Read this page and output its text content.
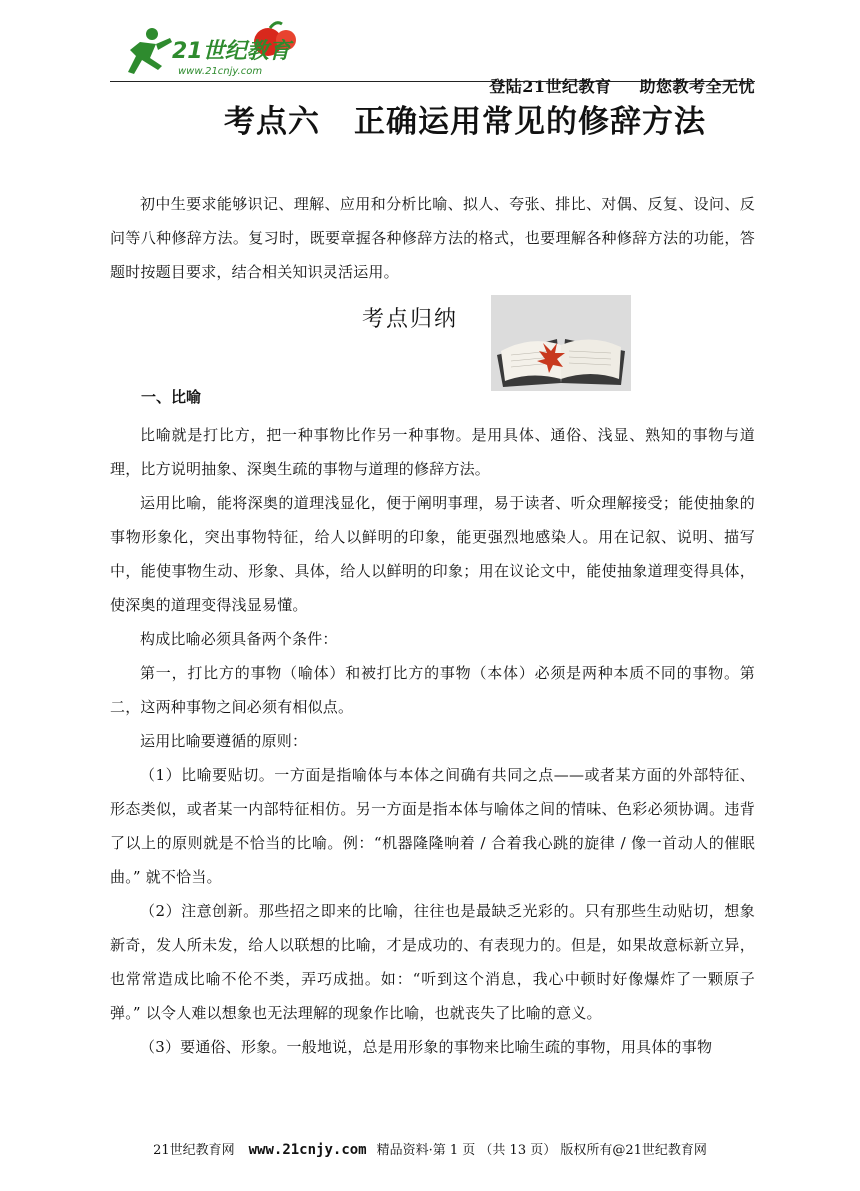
21世纪教育
www.21cnjy.com
登陆21世纪教育 助您教考全无忧
考点六 正确运用常见的修辞方法

初中生要求能够识记、理解、应用和分析比喻、拟人、夸张、排比、对偶、反复、设问、反问等八种修辞方法。复习时，既要章握各种修辞方法的格式，也要理解各种修辞方法的功能，答题时按题目要求，结合相关知识灵活运用。

考点归纳
一、比喻

比喻就是打比方，把一种事物比作另一种事物。是用具体、通俗、浅显、熟知的事物与道理，比方说明抽象、深奥生疏的事物与道理的修辞方法。

运用比喻，能将深奥的道理浅显化，便于阐明事理，易于读者、听众理解接受；能使抽象的事物形象化，突出事物特征，给人以鲜明的印象，能更强烈地感染人。用在记叙、说明、描写中，能使事物生动、形象、具体，给人以鲜明的印象；用在议论文中，能使抽象道理变得具体，使深奥的道理变得浅显易懂。

构成比喻必须具备两个条件：

第一，打比方的事物（喻体）和被打比方的事物（本体）必须是两种本质不同的事物。第二，这两种事物之间必须有相似点。

运用比喻要遵循的原则：

（1）比喻要贴切。一方面是指喻体与本体之间确有共同之点——或者某方面的外部特征、形态类似，或者某一内部特征相仿。另一方面是指本体与喻体之间的情味、色彩必须协调。违背了以上的原则就是不恰当的比喻。例：“机器隆隆响着 / 合着我心跳的旋律 / 像一首动人的催眠曲。” 就不恰当。

（2）注意创新。那些招之即来的比喻，往往也是最缺乏光彩的。只有那些生动贴切，想象新奇，发人所未发，给人以联想的比喻，才是成功的、有表现力的。但是，如果故意标新立异，也常常造成比喻不伦不类，弄巧成拙。如：“听到这个消息，我心中顿时好像爆炸了一颗原子弹。” 以令人难以想象也无法理解的现象作比喻，也就丧失了比喻的意义。

（3）要通俗、形象。一般地说，总是用形象的事物来比喻生疏的事物，用具体的事物

21世纪教育网 www.21cnjy.com 精品资料·第 1 页 （共 13 页） 版权所有@21世纪教育网
